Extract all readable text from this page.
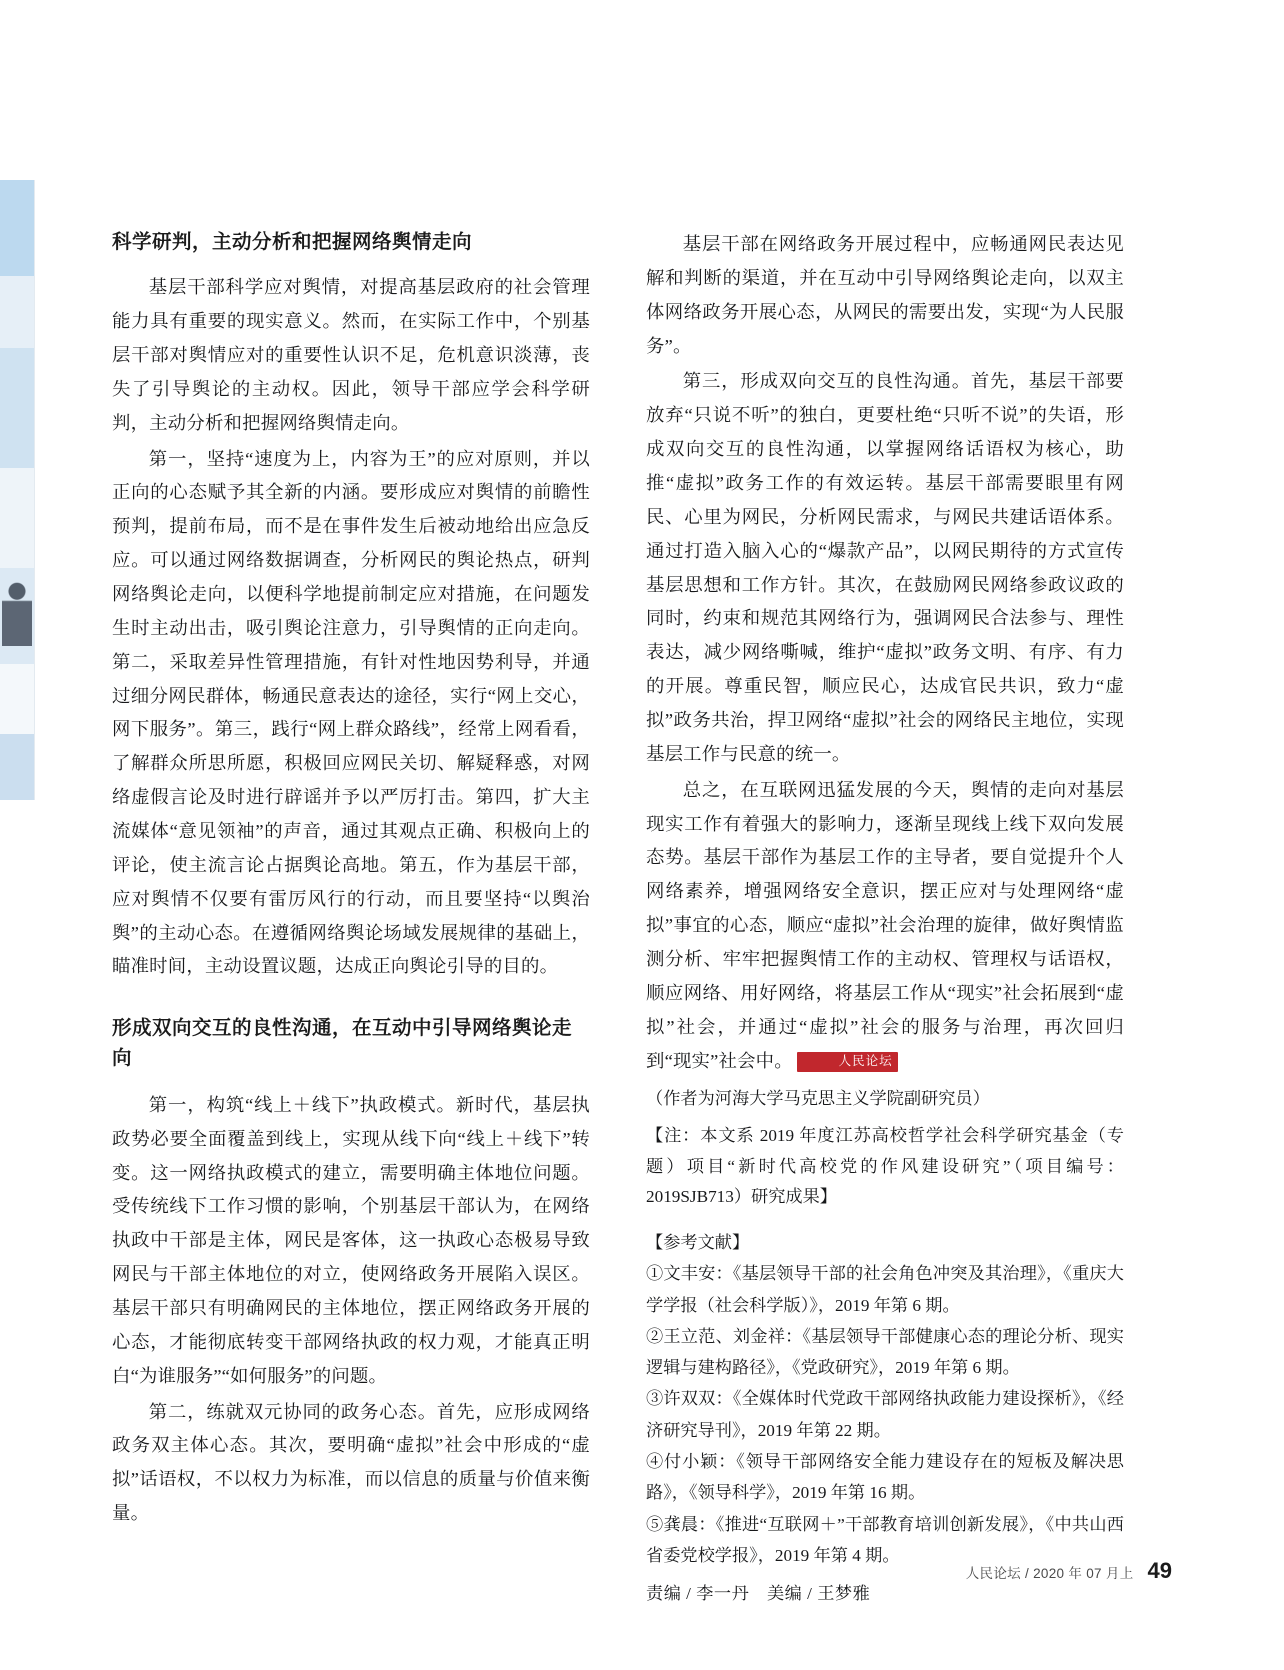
科学研判，主动分析和把握网络舆情走向

基层干部科学应对舆情，对提高基层政府的社会管理能力具有重要的现实意义。然而，在实际工作中，个别基层干部对舆情应对的重要性认识不足，危机意识淡薄，丧失了引导舆论的主动权。因此，领导干部应学会科学研判，主动分析和把握网络舆情走向。

第一，坚持“速度为上，内容为王”的应对原则，并以正向的心态赋予其全新的内涵。要形成应对舆情的前瞻性预判，提前布局，而不是在事件发生后被动地给出应急反应。可以通过网络数据调查，分析网民的舆论热点，研判网络舆论走向，以便科学地提前制定应对措施，在问题发生时主动出击，吸引舆论注意力，引导舆情的正向走向。第二，采取差异性管理措施，有针对性地因势利导，并通过细分网民群体，畅通民意表达的途径，实行“网上交心，网下服务”。第三，践行“网上群众路线”，经常上网看看，了解群众所思所愿，积极回应网民关切、解疑释惑，对网络虚假言论及时进行辟谣并予以严厉打击。第四，扩大主流媒体“意见领袖”的声音，通过其观点正确、积极向上的评论，使主流言论占据舆论高地。第五，作为基层干部，应对舆情不仅要有雷厉风行的行动，而且要坚持“以舆治舆”的主动心态。在遵循网络舆论场域发展规律的基础上，瞄准时间，主动设置议题，达成正向舆论引导的目的。

形成双向交互的良性沟通，在互动中引导网络舆论走向

第一，构筑“线上＋线下”执政模式。新时代，基层执政势必要全面覆盖到线上，实现从线下向“线上＋线下”转变。这一网络执政模式的建立，需要明确主体地位问题。受传统线下工作习惯的影响，个别基层干部认为，在网络执政中干部是主体，网民是客体，这一执政心态极易导致网民与干部主体地位的对立，使网络政务开展陷入误区。基层干部只有明确网民的主体地位，摆正网络政务开展的心态，才能彻底转变干部网络执政的权力观，才能真正明白“为谁服务”“如何服务”的问题。

第二，练就双元协同的政务心态。首先，应形成网络政务双主体心态。其次，要明确“虚拟”社会中形成的“虚拟”话语权，不以权力为标准，而以信息的质量与价值来衡量。

基层干部在网络政务开展过程中，应畅通网民表达见解和判断的渠道，并在互动中引导网络舆论走向，以双主体网络政务开展心态，从网民的需要出发，实现“为人民服务”。

第三，形成双向交互的良性沟通。首先，基层干部要放弃“只说不听”的独白，更要杜绝“只听不说”的失语，形成双向交互的良性沟通，以掌握网络话语权为核心，助推“虚拟”政务工作的有效运转。基层干部需要眼里有网民、心里为网民，分析网民需求，与网民共建话语体系。通过打造入脑入心的“爆款产品”，以网民期待的方式宣传基层思想和工作方针。其次，在鼓励网民网络参政议政的同时，约束和规范其网络行为，强调网民合法参与、理性表达，减少网络嘶喊，维护“虚拟”政务文明、有序、有力的开展。尊重民智，顺应民心，达成官民共识，致力“虚拟”政务共治，捍卫网络“虚拟”社会的网络民主地位，实现基层工作与民意的统一。

总之，在互联网迅猛发展的今天，舆情的走向对基层现实工作有着强大的影响力，逐渐呈现线上线下双向发展态势。基层干部作为基层工作的主导者，要自觉提升个人网络素养，增强网络安全意识，摆正应对与处理网络“虚拟”事宜的心态，顺应“虚拟”社会治理的旋律，做好舆情监测分析、牢牢把握舆情工作的主动权、管理权与话语权，顺应网络、用好网络，将基层工作从“现实”社会拓展到“虚拟”社会，并通过“虚拟”社会的服务与治理，再次回归到“现实”社会中。	人民论坛

（作者为河海大学马克思主义学院副研究员）

【注：本文系 2019 年度江苏高校哲学社会科学研究基金（专题）项目“新时代高校党的作风建设研究”（项目编号：2019SJB713）研究成果】

【参考文献】

①文丰安：《基层领导干部的社会角色冲突及其治理》，《重庆大学学报（社会科学版）》，2019 年第 6 期。

②王立范、刘金祥：《基层领导干部健康心态的理论分析、现实逻辑与建构路径》，《党政研究》，2019 年第 6 期。

③许双双：《全媒体时代党政干部网络执政能力建设探析》，《经济研究导刊》，2019 年第 22 期。

④付小颖：《领导干部网络安全能力建设存在的短板及解决思路》，《领导科学》，2019 年第 16 期。

⑤龚晨：《推进“互联网＋”干部教育培训创新发展》，《中共山西省委党校学报》，2019 年第 4 期。

责编 / 李一丹　美编 / 王梦雅
人民论坛 / 2020 年 07 月上 49
